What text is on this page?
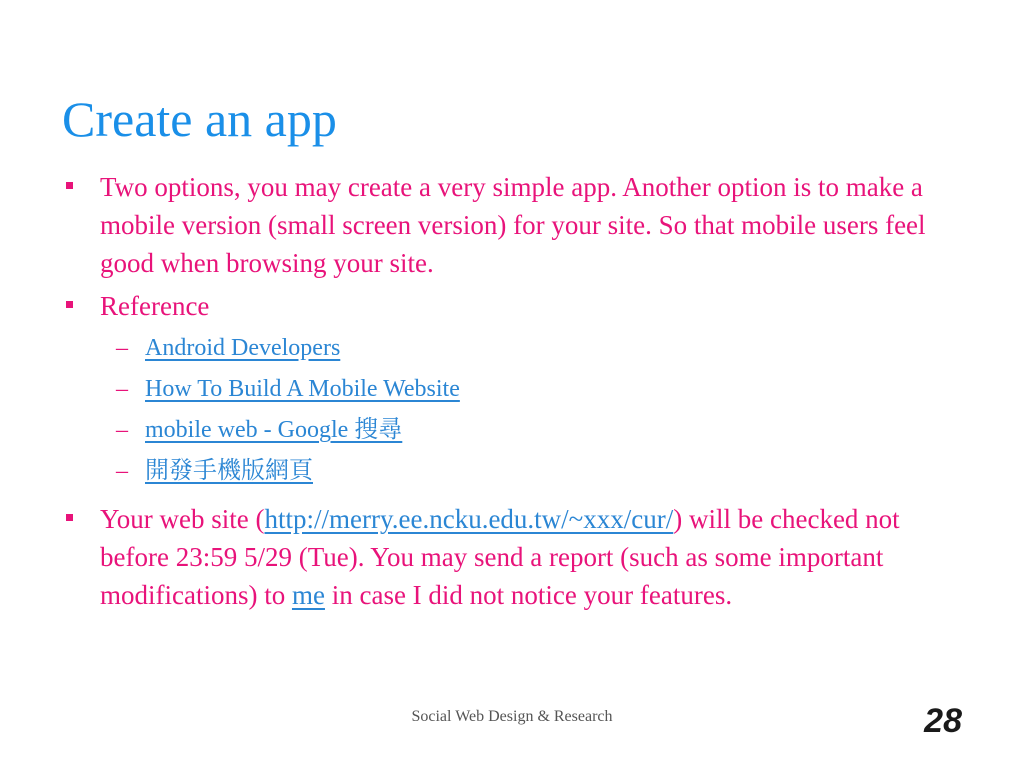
Create an app
Two options, you may create a very simple app. Another option is to make a mobile version (small screen version) for your site. So that mobile users feel good when browsing your site.
Reference
– Android Developers
– How To Build A Mobile Website
– mobile web - Google 搜尋
– 開發手機版網頁
Your web site (http://merry.ee.ncku.edu.tw/~xxx/cur/) will be checked not before 23:59 5/29 (Tue). You may send a report (such as some important modifications) to me in case I did not notice your features.
Social Web Design & Research	28
